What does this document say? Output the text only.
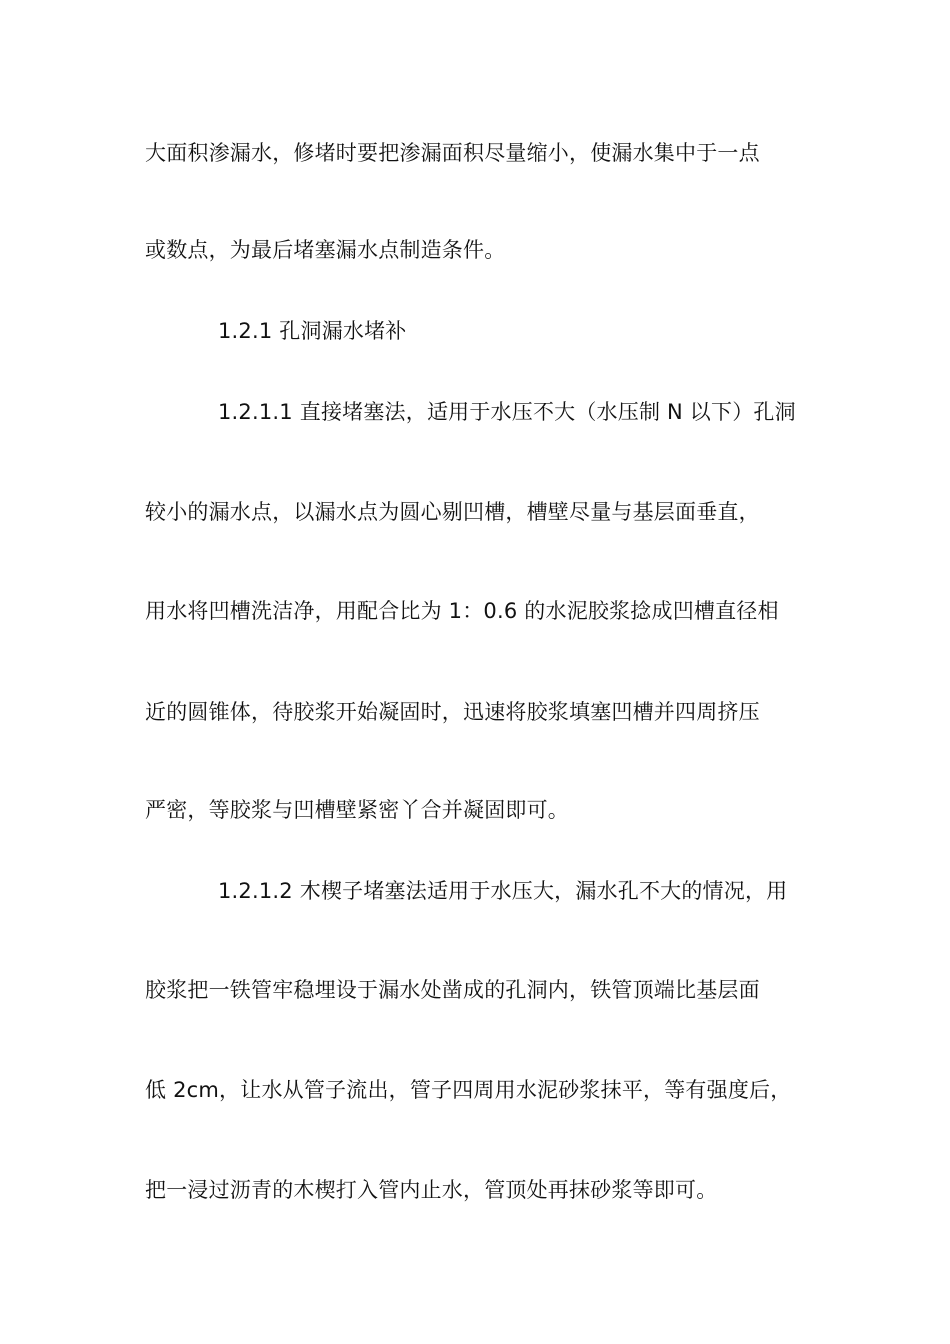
大面积渗漏水，修堵时要把渗漏面积尽量缩小，使漏水集中于一点
或数点，为最后堵塞漏水点制造条件。
1.2.1 孔洞漏水堵补
1.2.1.1 直接堵塞法，适用于水压不大（水压制 N 以下）孔洞
较小的漏水点，以漏水点为圆心剔凹槽，槽壁尽量与基层面垂直，
用水将凹槽洗洁净，用配合比为 1：0.6 的水泥胶浆捻成凹槽直径相
近的圆锥体，待胶浆开始凝固时，迅速将胶浆填塞凹槽并四周挤压
严密，等胶浆与凹槽壁紧密丫合并凝固即可。
1.2.1.2 木楔子堵塞法适用于水压大，漏水孔不大的情况，用
胶浆把一铁管牢稳埋设于漏水处凿成的孔洞内，铁管顶端比基层面
低 2cm，让水从管子流出，管子四周用水泥砂浆抹平，等有强度后，
把一浸过沥青的木楔打入管内止水，管顶处再抹砂浆等即可。
